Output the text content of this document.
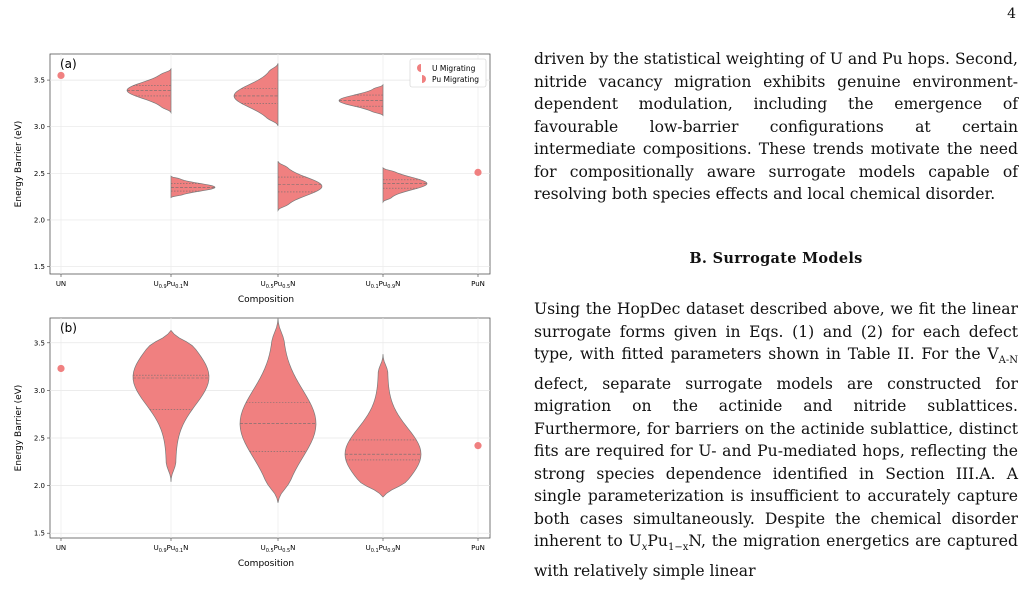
4
1.5
2.0
2.5
3.0
3.5
UN	$U_{0.9}Pu_{0.1}N$	$U_{0.5}Pu_{0.5}N$	$U_{0.1}Pu_{0.9}N$	PuN
(a)
Energy Barrier (eV)
Composition
U Migrating
Pu Migrating
1.5
2.0
2.5
3.0
3.5
UN	$U_{0.9}Pu_{0.1}N$	$U_{0.5}Pu_{0.5}N$	$U_{0.1}Pu_{0.9}N$	PuN
(b)
Energy Barrier (eV)
Composition

driven by the statistical weighting of U and Pu hops. Second, nitride vacancy migration exhibits genuine environment-dependent modulation, including the emergence of favourable low-barrier configurations at certain intermediate compositions. These trends motivate the need for compositionally aware surrogate models capable of resolving both species effects and local chemical disorder.

B. Surrogate Models

Using the HopDec dataset described above, we fit the linear surrogate forms given in Eqs. (1) and (2) for each defect type, with fitted parameters shown in Table II. For the $V_{A-N}$ defect, separate surrogate models are constructed for migration on the actinide and nitride sublattices. Furthermore, for barriers on the actinide sublattice, distinct fits are required for U- and Pu-mediated hops, reflecting the strong species dependence identified in Section III.A. A single parameterization is insufficient to accurately capture both cases simultaneously. Despite the chemical disorder inherent to $U_xPu_{1-x}N$, the migration energetics are captured with relatively simple linear
